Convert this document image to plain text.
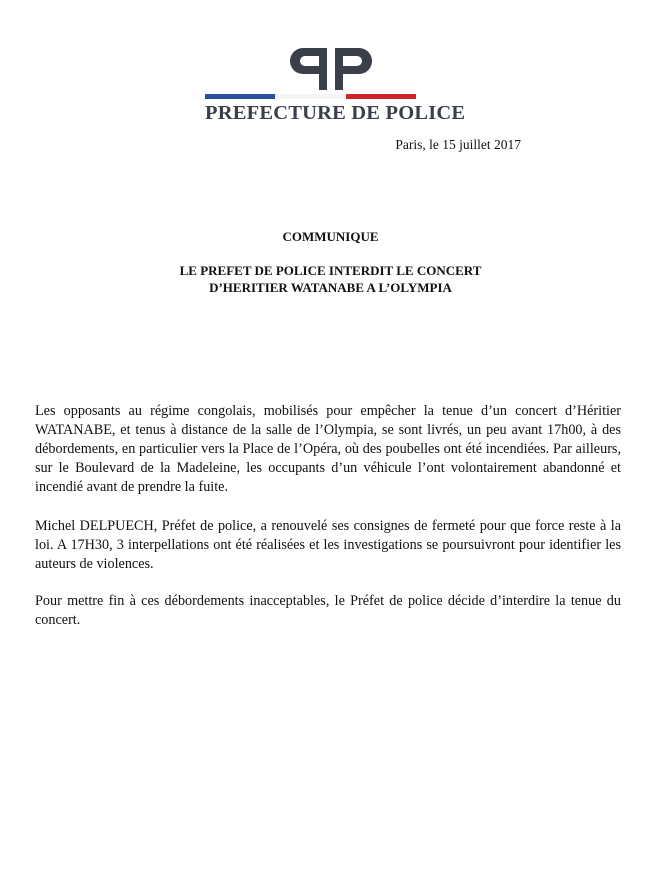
PREFECTURE DE POLICE
Paris, le 15 juillet 2017
COMMUNIQUE
LE PREFET DE POLICE INTERDIT LE CONCERT
D’HERITIER WATANABE A L’OLYMPIA

Les opposants au régime congolais, mobilisés pour empêcher la tenue d’un concert d’Héritier WATANABE, et tenus à distance de la salle de l’Olympia, se sont livrés, un peu avant 17h00, à des débordements, en particulier vers la Place de l’Opéra, où des poubelles ont été incendiées. Par ailleurs, sur le Boulevard de la Madeleine, les occupants d’un véhicule l’ont volontairement abandonné et incendié avant de prendre la fuite.

Michel DELPUECH, Préfet de police, a renouvelé ses consignes de fermeté pour que force reste à la loi. A 17H30, 3 interpellations ont été réalisées et les investigations se poursuivront pour identifier les auteurs de violences.

Pour mettre fin à ces débordements inacceptables, le Préfet de police décide d’interdire la tenue du concert.
